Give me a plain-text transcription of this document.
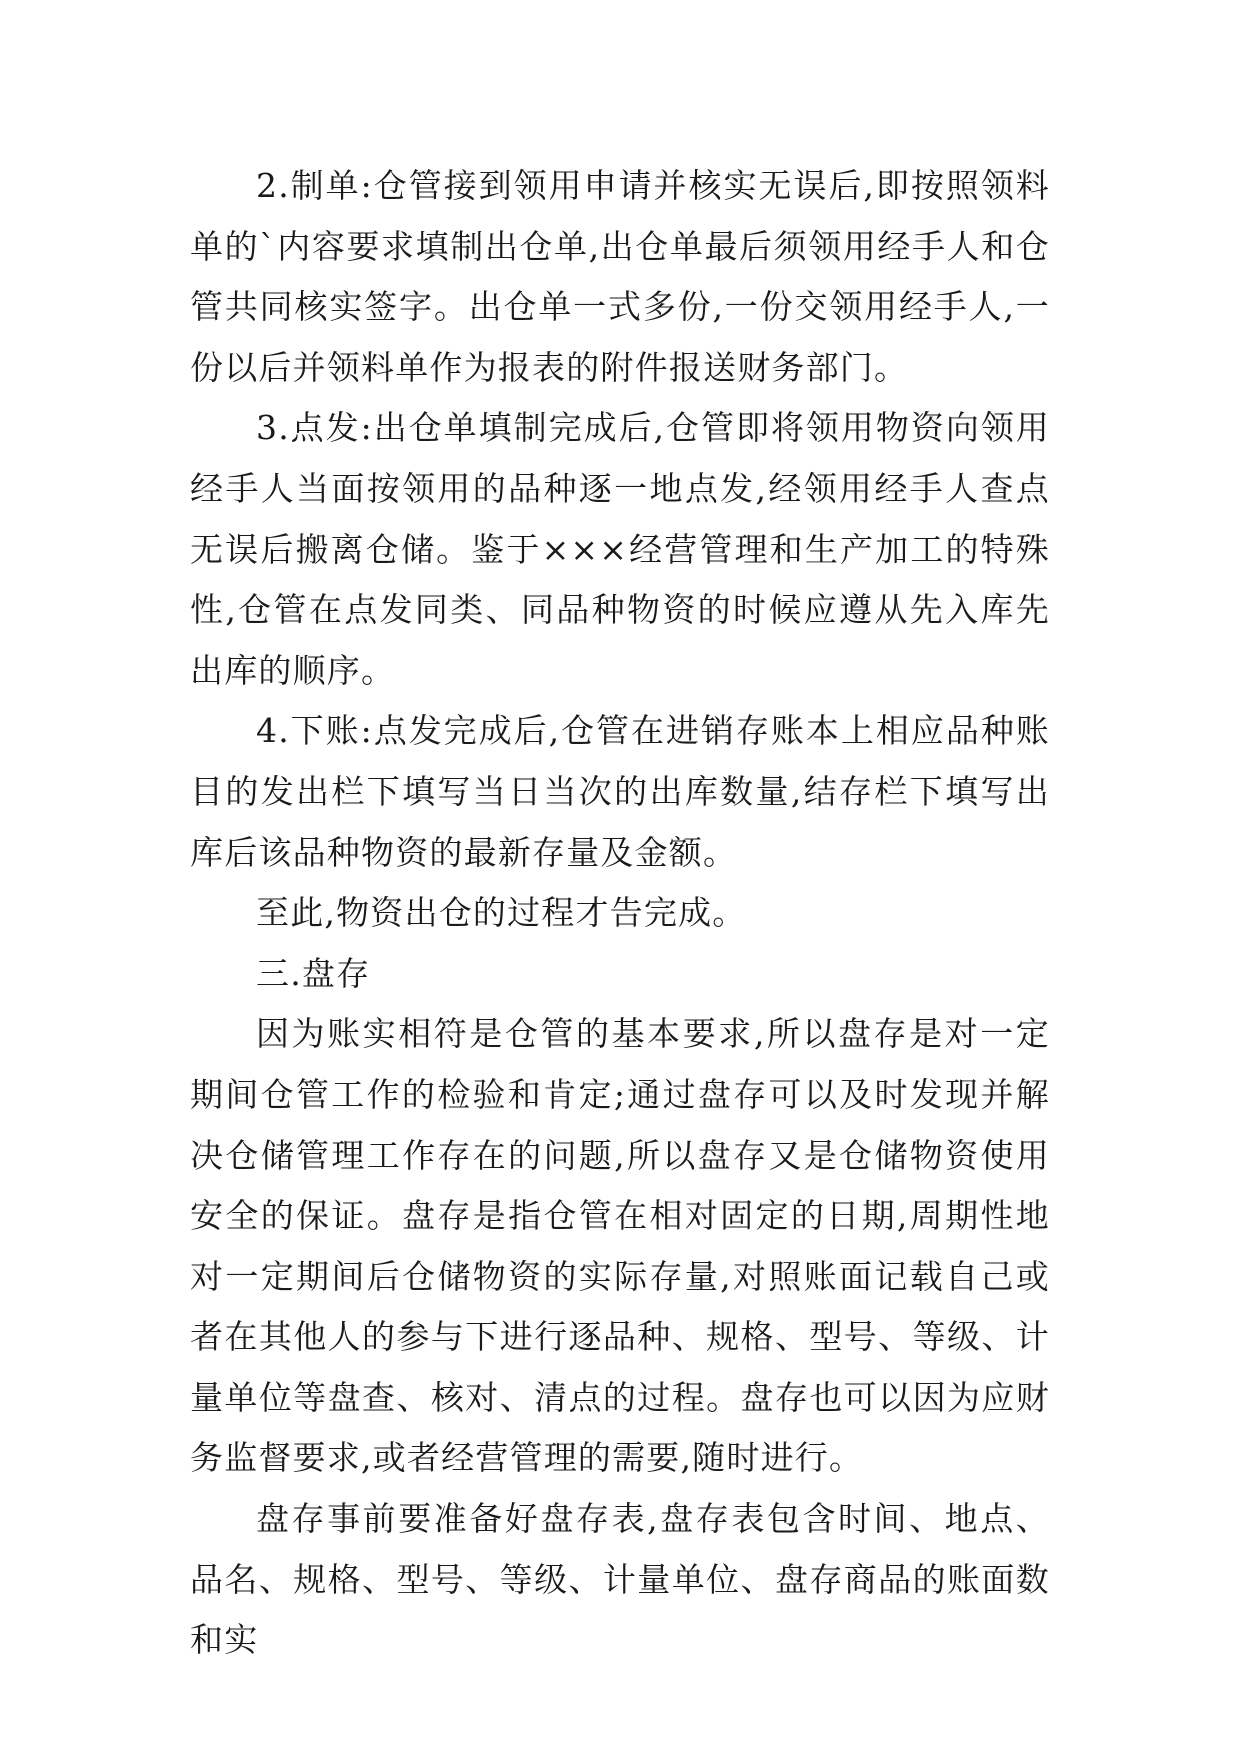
2.制单:仓管接到领用申请并核实无误后,即按照领料单的`内容要求填制出仓单,出仓单最后须领用经手人和仓管共同核实签字。出仓单一式多份,一份交领用经手人,一份以后并领料单作为报表的附件报送财务部门。

3.点发:出仓单填制完成后,仓管即将领用物资向领用经手人当面按领用的品种逐一地点发,经领用经手人查点无误后搬离仓储。鉴于×××经营管理和生产加工的特殊性,仓管在点发同类、同品种物资的时候应遵从先入库先出库的顺序。

4.下账:点发完成后,仓管在进销存账本上相应品种账目的发出栏下填写当日当次的出库数量,结存栏下填写出库后该品种物资的最新存量及金额。

至此,物资出仓的过程才告完成。

三.盘存

因为账实相符是仓管的基本要求,所以盘存是对一定期间仓管工作的检验和肯定;通过盘存可以及时发现并解决仓储管理工作存在的问题,所以盘存又是仓储物资使用安全的保证。盘存是指仓管在相对固定的日期,周期性地对一定期间后仓储物资的实际存量,对照账面记载自己或者在其他人的参与下进行逐品种、规格、型号、等级、计量单位等盘查、核对、清点的过程。盘存也可以因为应财务监督要求,或者经营管理的需要,随时进行。

盘存事前要准备好盘存表,盘存表包含时间、地点、品名、规格、型号、等级、计量单位、盘存商品的账面数和实
